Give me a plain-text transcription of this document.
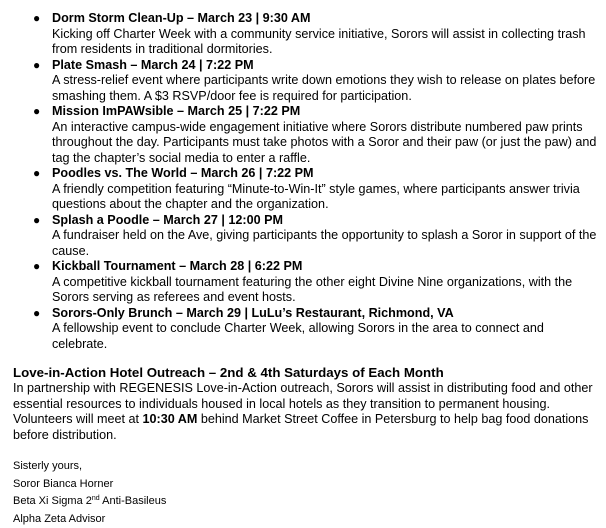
● Dorm Storm Clean-Up – March 23 | 9:30 AM
Kicking off Charter Week with a community service initiative, Sorors will assist in collecting trash from residents in traditional dormitories.
● Plate Smash – March 24 | 7:22 PM
A stress-relief event where participants write down emotions they wish to release on plates before smashing them. A $3 RSVP/door fee is required for participation.
● Mission ImPAWsible – March 25 | 7:22 PM
An interactive campus-wide engagement initiative where Sorors distribute numbered paw prints throughout the day. Participants must take photos with a Soror and their paw (or just the paw) and tag the chapter’s social media to enter a raffle.
● Poodles vs. The World – March 26 | 7:22 PM
A friendly competition featuring “Minute-to-Win-It” style games, where participants answer trivia questions about the chapter and the organization.
● Splash a Poodle – March 27 | 12:00 PM
A fundraiser held on the Ave, giving participants the opportunity to splash a Soror in support of the cause.
● Kickball Tournament – March 28 | 6:22 PM
A competitive kickball tournament featuring the other eight Divine Nine organizations, with the Sorors serving as referees and event hosts.
● Sorors-Only Brunch – March 29 | LuLu’s Restaurant, Richmond, VA
A fellowship event to conclude Charter Week, allowing Sorors in the area to connect and celebrate.
Love-in-Action Hotel Outreach – 2nd & 4th Saturdays of Each Month
In partnership with REGENESIS Love-in-Action outreach, Sorors will assist in distributing food and other essential resources to individuals housed in local hotels as they transition to permanent housing. Volunteers will meet at 10:30 AM behind Market Street Coffee in Petersburg to help bag food donations before distribution.
Sisterly yours,
Soror Bianca Horner
Beta Xi Sigma 2nd Anti-Basileus
Alpha Zeta Advisor
